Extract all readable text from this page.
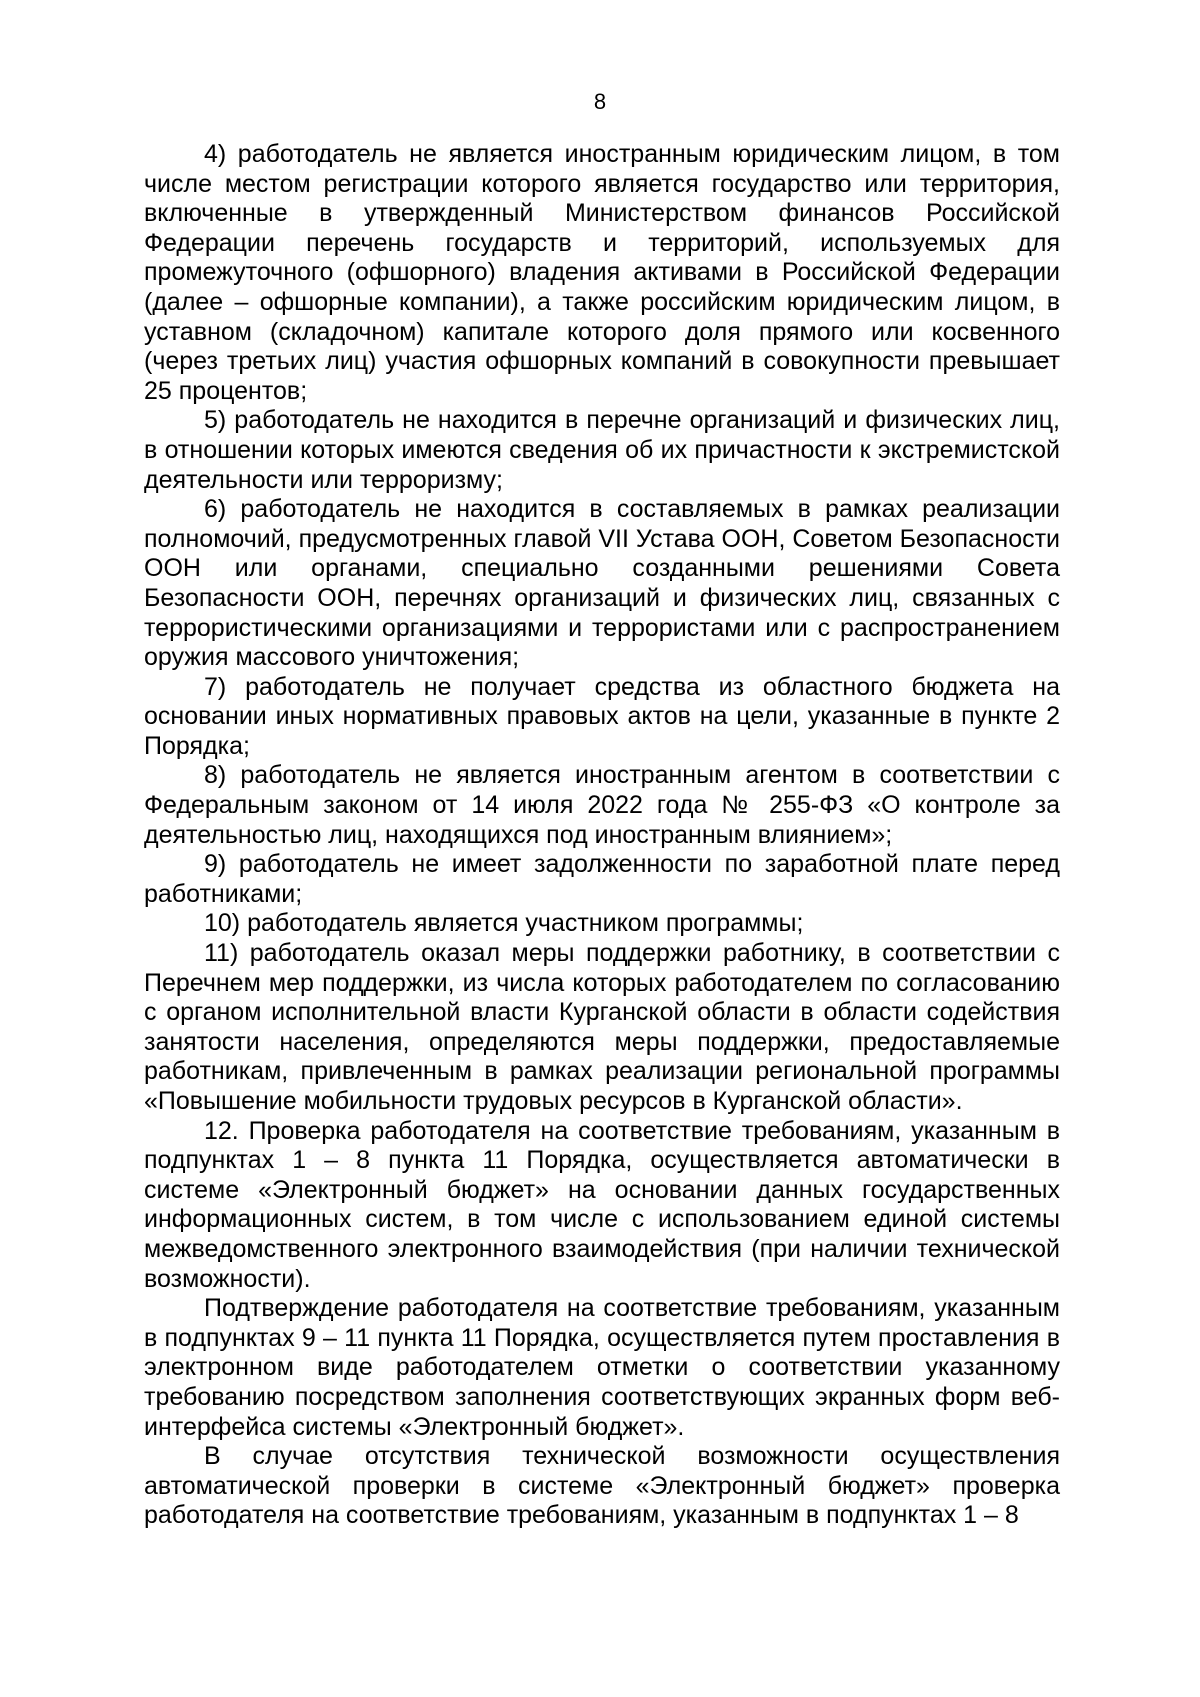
8

4) работодатель не является иностранным юридическим лицом, в том числе местом регистрации которого является государство или территория, включенные в утвержденный Министерством финансов Российской Федерации перечень государств и территорий, используемых для промежуточного (офшорного) владения активами в Российской Федерации (далее – офшорные компании), а также российским юридическим лицом, в уставном (складочном) капитале которого доля прямого или косвенного (через третьих лиц) участия офшорных компаний в совокупности превышает 25 процентов;

5) работодатель не находится в перечне организаций и физических лиц, в отношении которых имеются сведения об их причастности к экстремистской деятельности или терроризму;

6) работодатель не находится в составляемых в рамках реализации полномочий, предусмотренных главой VII Устава ООН, Советом Безопасности ООН или органами, специально созданными решениями Совета Безопасности ООН, перечнях организаций и физических лиц, связанных с террористическими организациями и террористами или с распространением оружия массового уничтожения;

7) работодатель не получает средства из областного бюджета на основании иных нормативных правовых актов на цели, указанные в пункте 2 Порядка;

8) работодатель не является иностранным агентом в соответствии с Федеральным законом от 14 июля 2022 года № 255-ФЗ «О контроле за деятельностью лиц, находящихся под иностранным влиянием»;

9) работодатель не имеет задолженности по заработной плате перед работниками;

10) работодатель является участником программы;

11) работодатель оказал меры поддержки работнику, в соответствии с Перечнем мер поддержки, из числа которых работодателем по согласованию с органом исполнительной власти Курганской области в области содействия занятости населения, определяются меры поддержки, предоставляемые работникам, привлеченным в рамках реализации региональной программы «Повышение мобильности трудовых ресурсов в Курганской области».

12. Проверка работодателя на соответствие требованиям, указанным в подпунктах 1 – 8 пункта 11 Порядка, осуществляется автоматически в системе «Электронный бюджет» на основании данных государственных информационных систем, в том числе с использованием единой системы межведомственного электронного взаимодействия (при наличии технической возможности).

Подтверждение работодателя на соответствие требованиям, указанным в подпунктах 9 – 11 пункта 11 Порядка, осуществляется путем проставления в электронном виде работодателем отметки о соответствии указанному требованию посредством заполнения соответствующих экранных форм веб-интерфейса системы «Электронный бюджет».

В случае отсутствия технической возможности осуществления автоматической проверки в системе «Электронный бюджет» проверка работодателя на соответствие требованиям, указанным в подпунктах 1 – 8
